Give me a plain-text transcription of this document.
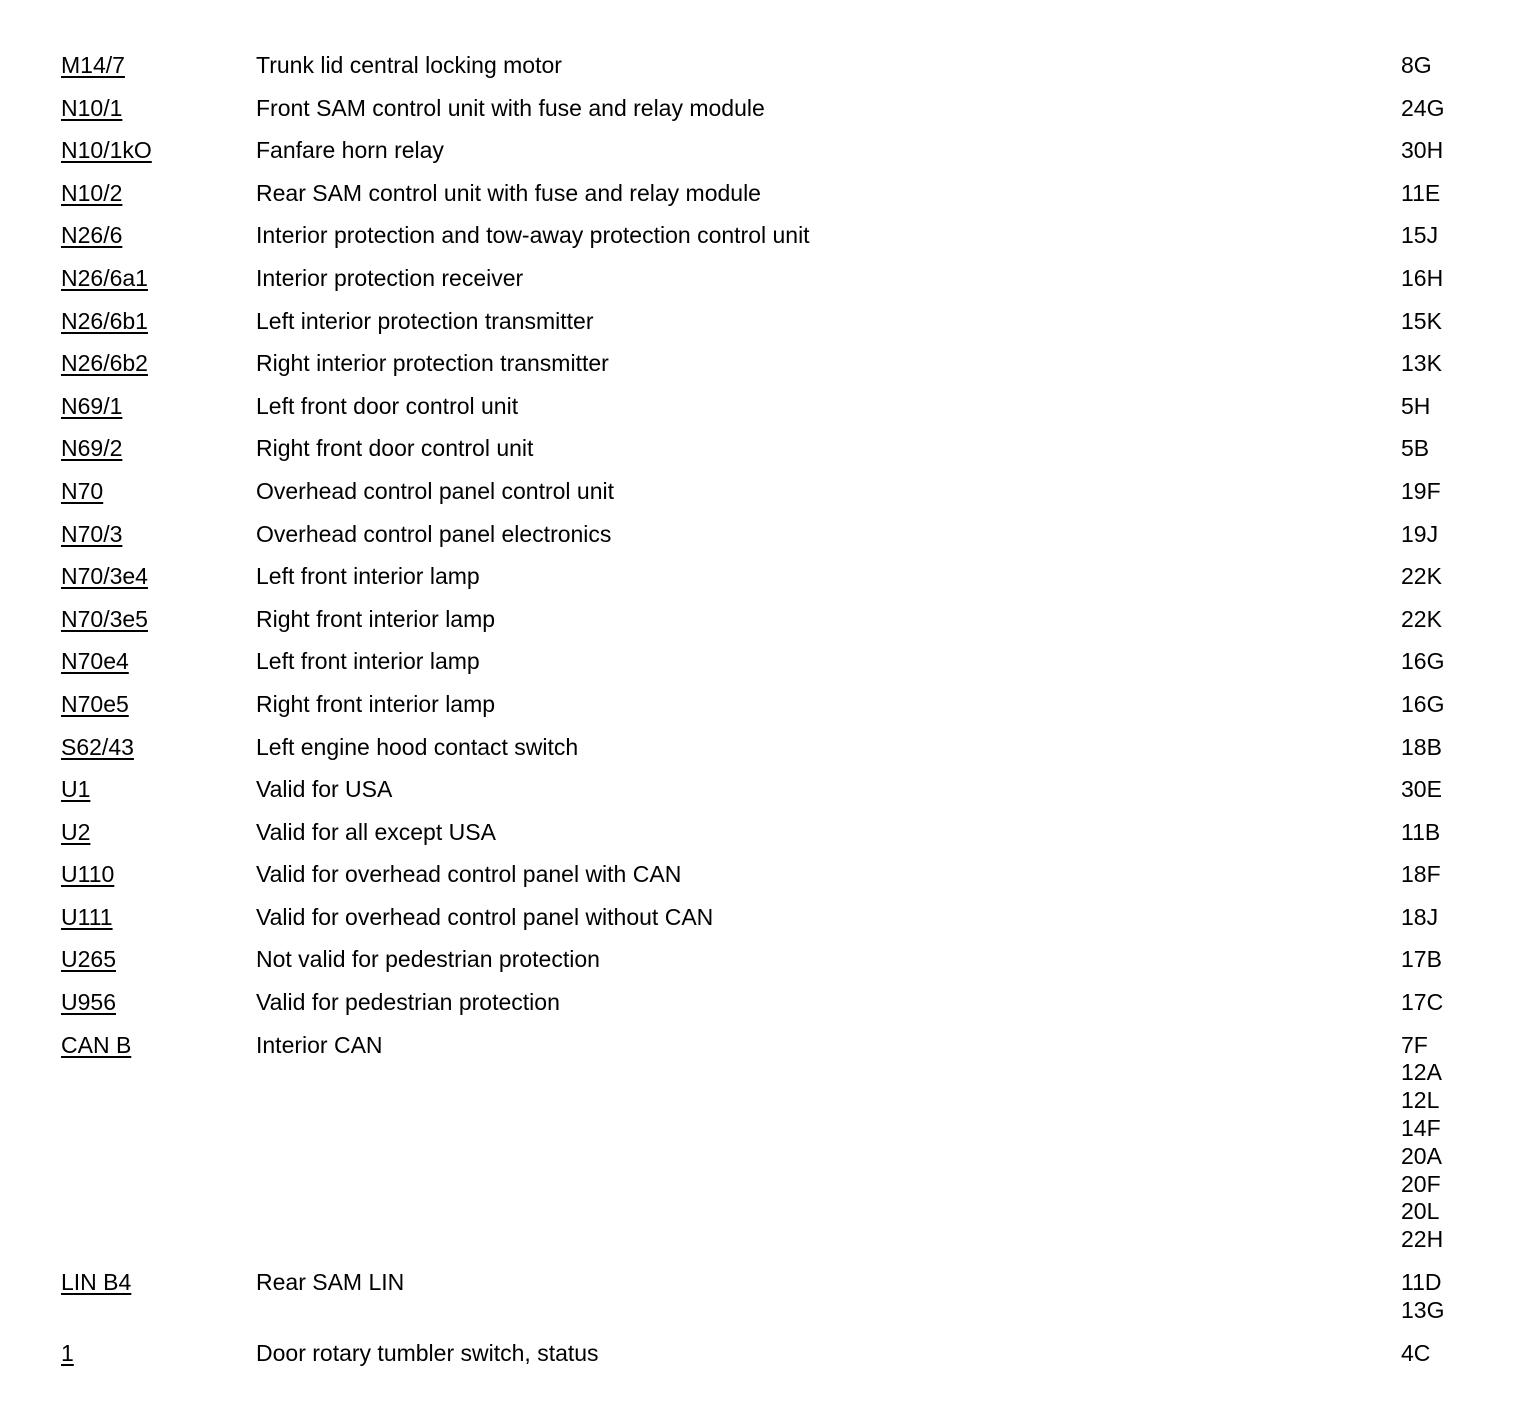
M14/7	Trunk lid central locking motor	8G
N10/1	Front SAM control unit with fuse and relay module	24G
N10/1kO	Fanfare horn relay	30H
N10/2	Rear SAM control unit with fuse and relay module	11E
N26/6	Interior protection and tow-away protection control unit	15J
N26/6a1	Interior protection receiver	16H
N26/6b1	Left interior protection transmitter	15K
N26/6b2	Right interior protection transmitter	13K
N69/1	Left front door control unit	5H
N69/2	Right front door control unit	5B
N70	Overhead control panel control unit	19F
N70/3	Overhead control panel electronics	19J
N70/3e4	Left front interior lamp	22K
N70/3e5	Right front interior lamp	22K
N70e4	Left front interior lamp	16G
N70e5	Right front interior lamp	16G
S62/43	Left engine hood contact switch	18B
U1	Valid for USA	30E
U2	Valid for all except USA	11B
U110	Valid for overhead control panel with CAN	18F
U111	Valid for overhead control panel without CAN	18J
U265	Not valid for pedestrian protection	17B
U956	Valid for pedestrian protection	17C
CAN B	Interior CAN	7F
12A
12L
14F
20A
20F
20L
22H
LIN B4	Rear SAM LIN	11D
13G
1	Door rotary tumbler switch, status	4C
